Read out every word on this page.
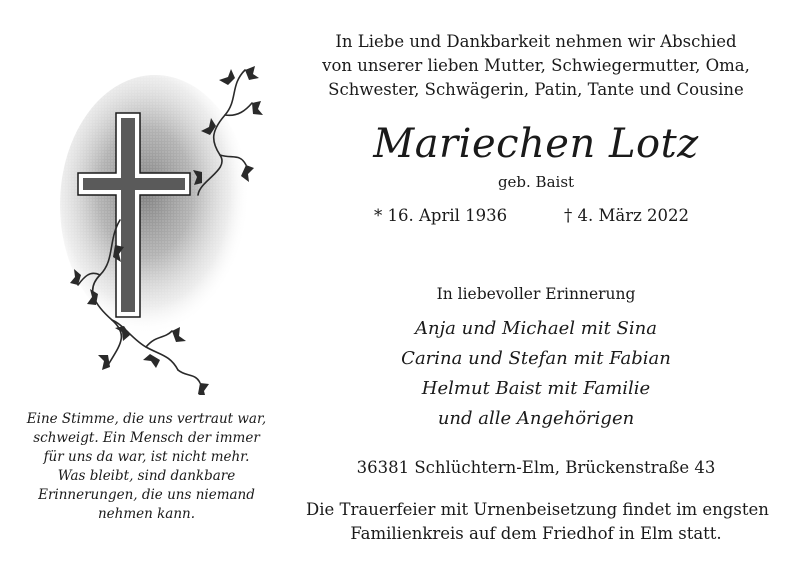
Eine Stimme, die uns vertraut war,
schweigt. Ein Mensch der immer
für uns da war, ist nicht mehr.
Was bleibt, sind dankbare
Erinnerungen, die uns niemand
nehmen kann.
In Liebe und Dankbarkeit nehmen wir Abschied
von unserer lieben Mutter, Schwiegermutter, Oma,
Schwester, Schwägerin, Patin, Tante und Cousine
Mariechen Lotz
geb. Baist
* 16. April 1936	† 4. März 2022
In liebevoller Erinnerung
Anja und Michael mit Sina
Carina und Stefan mit Fabian
Helmut Baist mit Familie
und alle Angehörigen
36381 Schlüchtern-Elm, Brückenstraße 43
Die Trauerfeier mit Urnenbeisetzung findet im engsten
Familienkreis auf dem Friedhof in Elm statt.
